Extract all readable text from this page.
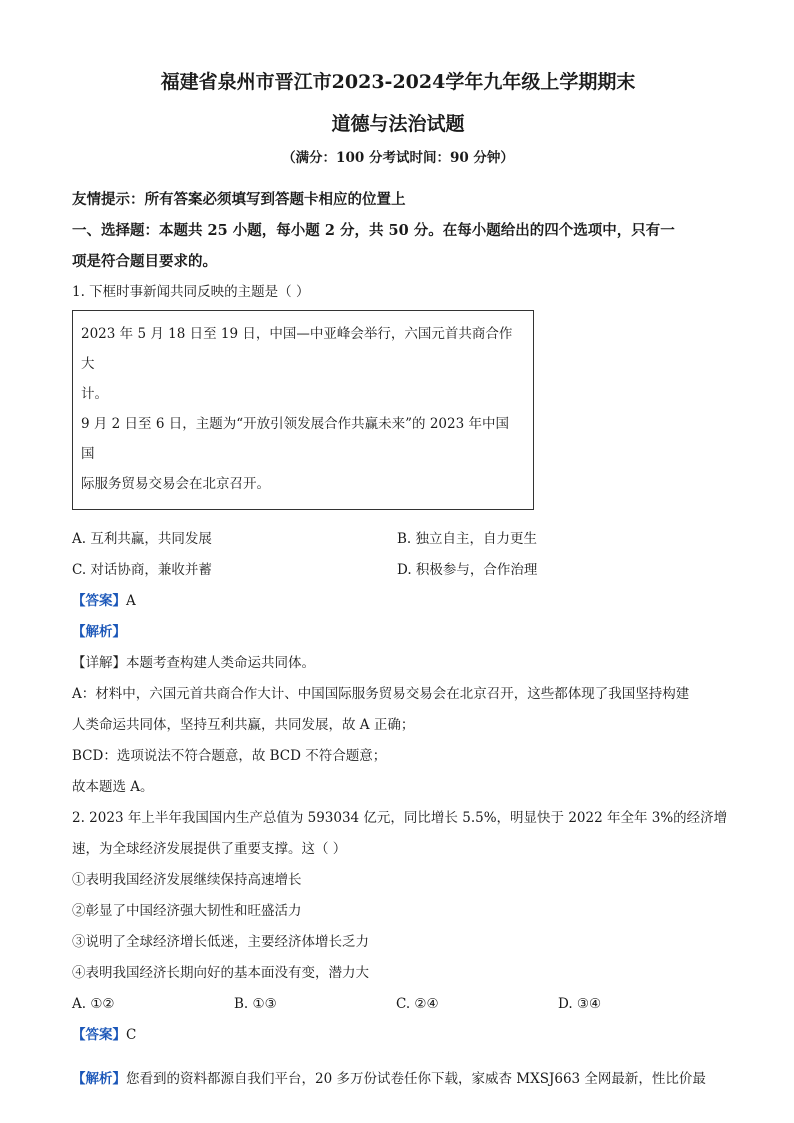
福建省泉州市晋江市2023-2024学年九年级上学期期末

道德与法治试题

（满分：100 分考试时间：90 分钟）

友情提示：所有答案必须填写到答题卡相应的位置上

一、选择题：本题共 25 小题，每小题 2 分，共 50 分。在每小题给出的四个选项中，只有一

项是符合题目要求的。

1. 下框时事新闻共同反映的主题是（ ）

2023 年 5 月 18 日至 19 日，中国—中亚峰会举行，六国元首共商合作大

计。

9 月 2 日至 6 日，主题为“开放引领发展合作共赢未来”的 2023 年中国国

际服务贸易交易会在北京召开。

A. 互利共赢，共同发展	B. 独立自主，自力更生
C. 对话协商，兼收并蓄	D. 积极参与，合作治理

【答案】A

【解析】

【详解】本题考查构建人类命运共同体。

A：材料中，六国元首共商合作大计、中国国际服务贸易交易会在北京召开，这些都体现了我国坚持构建

人类命运共同体，坚持互利共赢，共同发展，故 A 正确；

BCD：选项说法不符合题意，故 BCD 不符合题意；

故本题选 A。

2. 2023 年上半年我国国内生产总值为 593034 亿元，同比增长 5.5%，明显快于 2022 年全年 3%的经济增

速，为全球经济发展提供了重要支撑。这（ ）

①表明我国经济发展继续保持高速增长

②彰显了中国经济强大韧性和旺盛活力

③说明了全球经济增长低迷，主要经济体增长乏力

④表明我国经济长期向好的基本面没有变，潜力大

A. ①②	B. ①③	C. ②④	D. ③④

【答案】C

【解析】您看到的资料都源自我们平台，20 多万份试卷任你下载，家威杏 MXSJ663 全网最新，性比价最
